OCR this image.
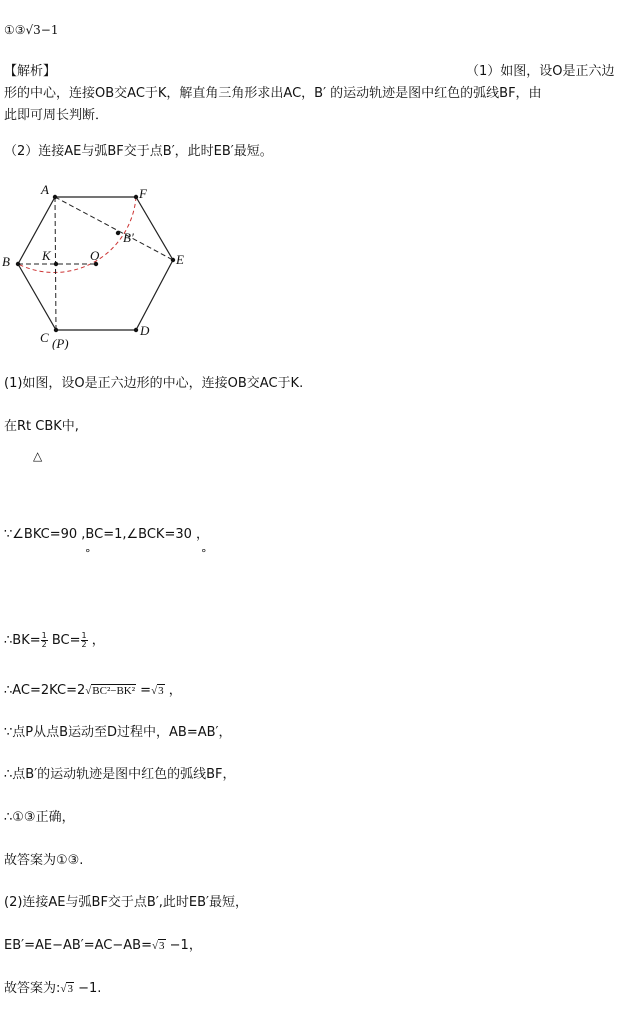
①③√3−1
【解析】	（1）如图，设O是正六边
形的中心，连接OB交AC于K，解直角三角形求出AC，B′ 的运动轨迹是图中红色的弧线BF，由
此即可周长判断．
（2）连接AE与弧BF交于点B′，此时EB′最短。
A	F
B′
K	O
B	E
C (P)
D
(1)如图，设O是正六边形的中心，连接OB交AC于K.
在Rt CBK中,
△
∵∠BKC=90 ,BC=1,∠BCK=30 ，
°	°
∴BK= $\frac{1}{2} BC= \frac{1}{2}$ ，
∴AC=2KC=2√BC²−BK² =√3 ，
∵点P从点B运动至D过程中，AB=AB′，
∴点B′的运动轨迹是图中红色的弧线BF，
∴①③正确，
故答案为①③.
(2)连接AE与弧BF交于点B′,此时EB′最短，
EB′=AE−AB′=AC−AB=√3 −1，
故答案为:√3 −1.
